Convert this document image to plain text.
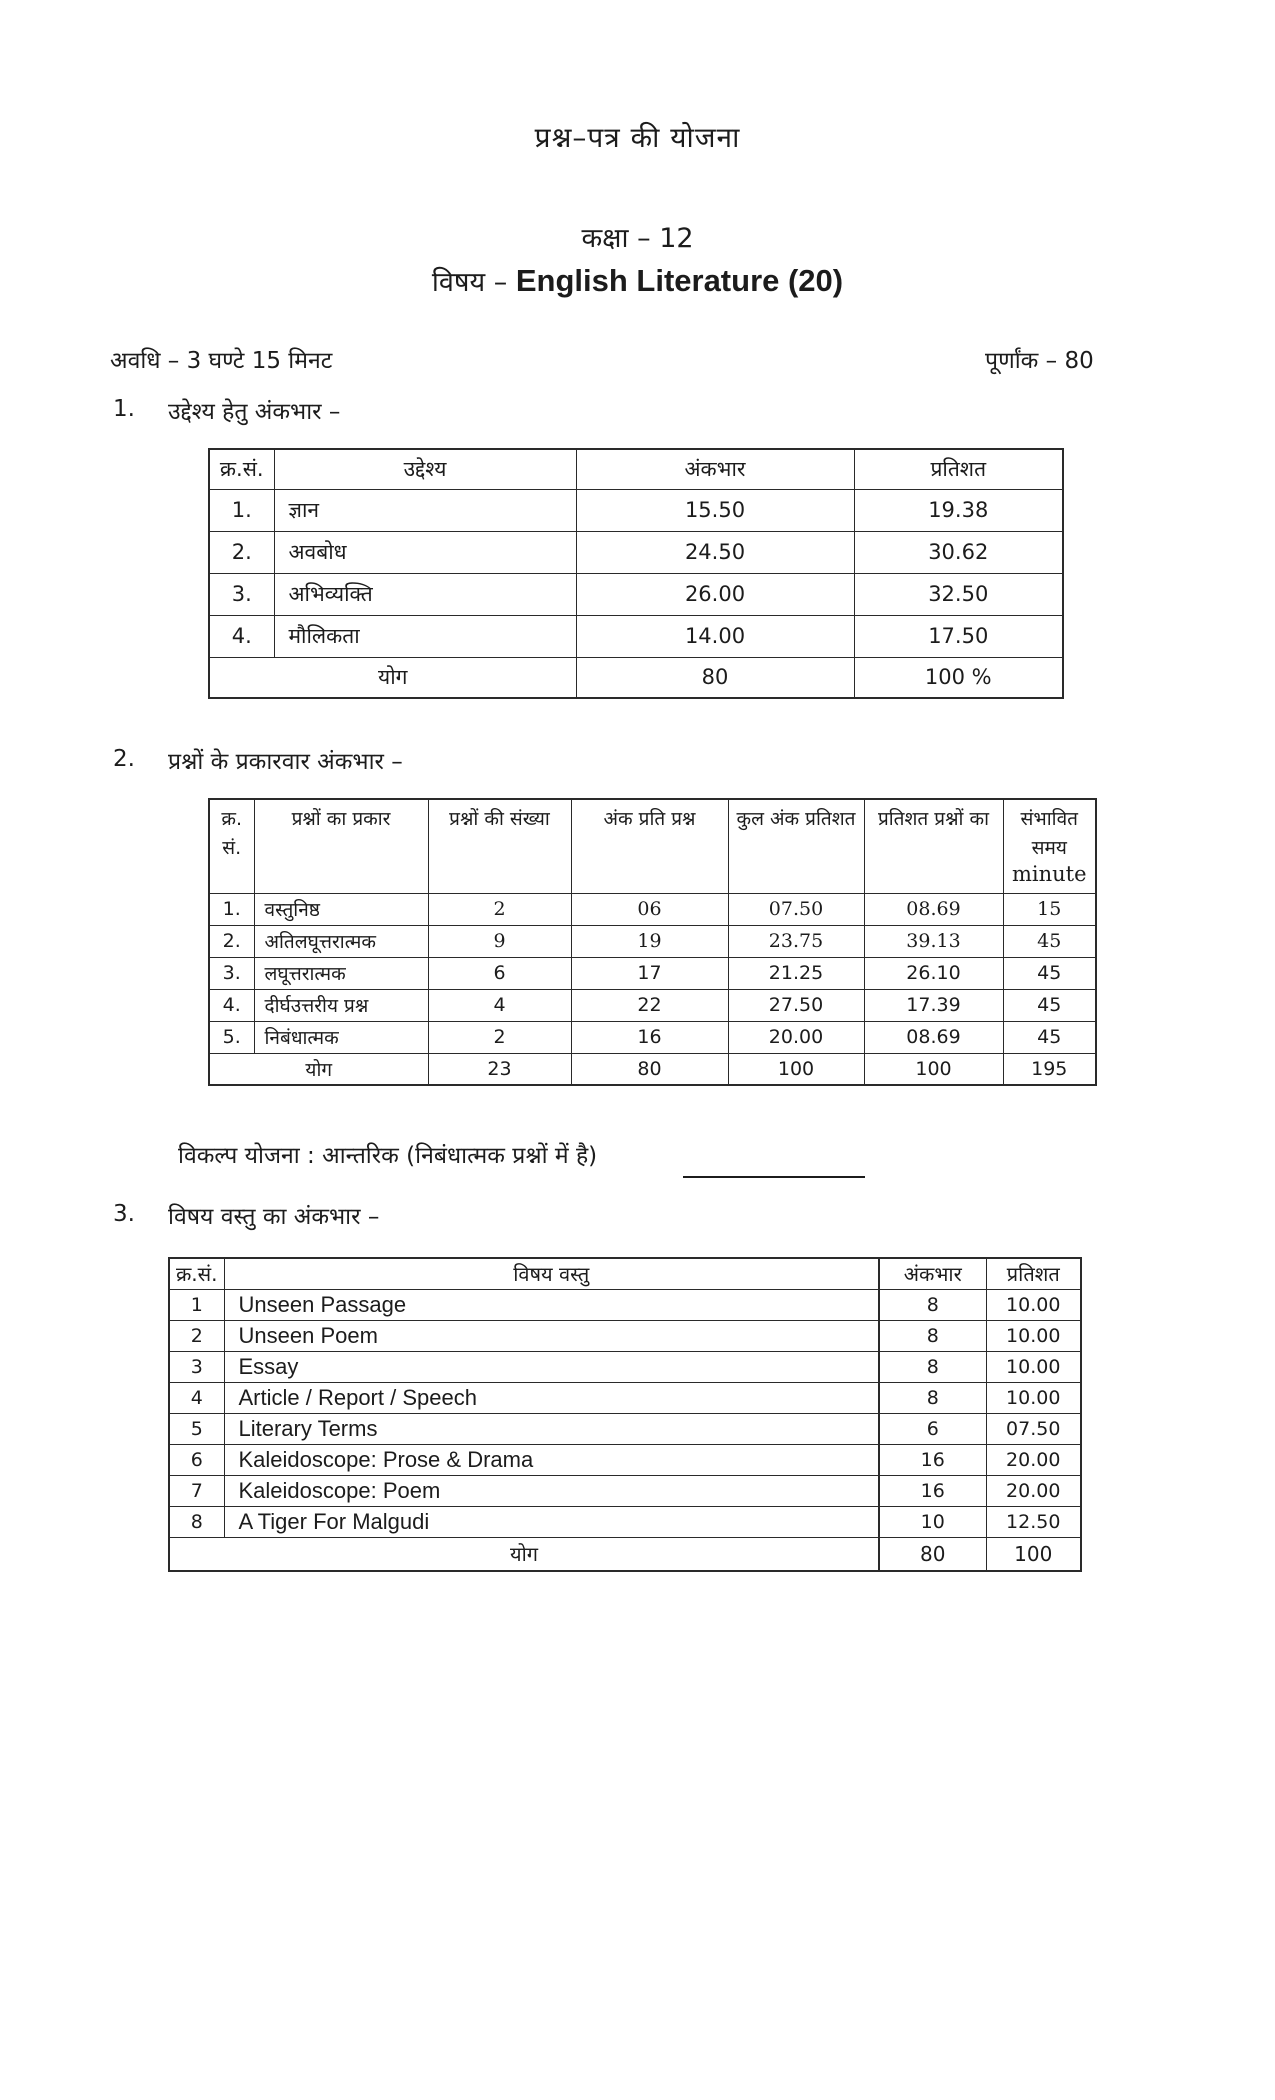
प्रश्न–पत्र की योजना
कक्षा – 12
विषय – English Literature (20)
अवधि – 3 घण्टे 15 मिनट	पूर्णांक – 80
1. उद्देश्य हेतु अंकभार –
क्र.सं.	उद्देश्य	अंकभार	प्रतिशत
1.	ज्ञान	15.50	19.38
2.	अवबोध	24.50	30.62
3.	अभिव्यक्ति	26.00	32.50
4.	मौलिकता	14.00	17.50
योग		80	100 %
2. प्रश्नों के प्रकारवार अंकभार –
क्र. सं.	प्रश्नों का प्रकार	प्रश्नों की संख्या	अंक प्रति प्रश्न	कुल अंक प्रतिशत	प्रतिशत प्रश्नों का	संभावित समय
minute

1.	वस्तुनिष्ठ	2	06	07.50	08.69	15
2.	अतिलघूत्तरात्मक	9	19	23.75	39.13	45
3.	लघूत्तरात्मक	6	17	21.25	26.10	45
4.	दीर्घउत्तरीय प्रश्न	4	22	27.50	17.39	45
5.	निबंधात्मक	2	16	20.00	08.69	45
योग		23	80	100	100	195
विकल्प योजना : आन्तरिक (निबंधात्मक प्रश्नों में है)
3. विषय वस्तु का अंकभार –
क्र.सं.	विषय वस्तु	अंकभार	प्रतिशत
1	Unseen Passage	8	10.00
2	Unseen Poem	8	10.00
3	Essay	8	10.00
4	Article / Report / Speech	8	10.00
5	Literary Terms	6	07.50
6	Kaleidoscope: Prose & Drama	16	20.00
7	Kaleidoscope: Poem	16	20.00
8	A Tiger For Malgudi	10	12.50
योग		80	100
